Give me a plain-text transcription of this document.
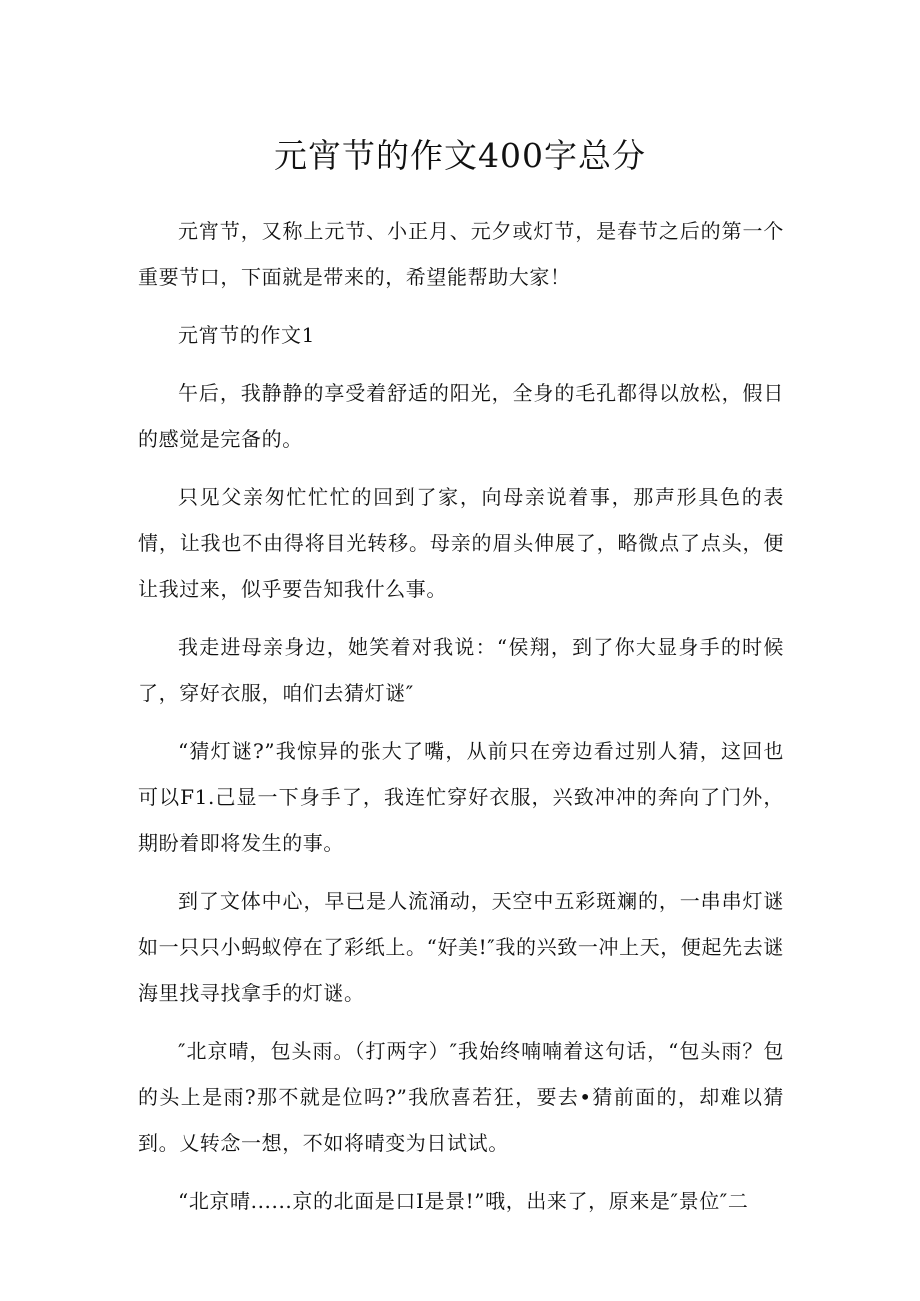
元宵节的作文400字总分

元宵节，又称上元节、小正月、元夕或灯节，是春节之后的第一个重要节口，下面就是带来的，希望能帮助大家！

元宵节的作文1

午后，我静静的享受着舒适的阳光，全身的毛孔都得以放松，假日的感觉是完备的。

只见父亲匆忙忙忙的回到了家，向母亲说着事，那声形具色的表情，让我也不由得将目光转移。母亲的眉头伸展了，略微点了点头，便让我过来，似乎要告知我什么事。

我走进母亲身边，她笑着对我说：“侯翔，到了你大显身手的时候了，穿好衣服，咱们去猜灯谜″

“猜灯谜?”我惊异的张大了嘴，从前只在旁边看过别人猜，这回也可以F1.己显一下身手了，我连忙穿好衣服，兴致冲冲的奔向了门外，期盼着即将发生的事。

到了文体中心，早已是人流涌动，天空中五彩斑斓的，一串串灯谜如一只只小蚂蚁停在了彩纸上。“好美!″我的兴致一冲上天，便起先去谜海里找寻找拿手的灯谜。

″北京晴，包头雨。（打两字）″我始终喃喃着这句话，“包头雨？包的头上是雨?那不就是位吗?”我欣喜若狂，要去•猜前面的，却难以猜到。乂转念一想，不如将晴变为日试试。

“北京晴......京的北面是口Ⅰ是景!”哦，出来了，原来是″景位″二
